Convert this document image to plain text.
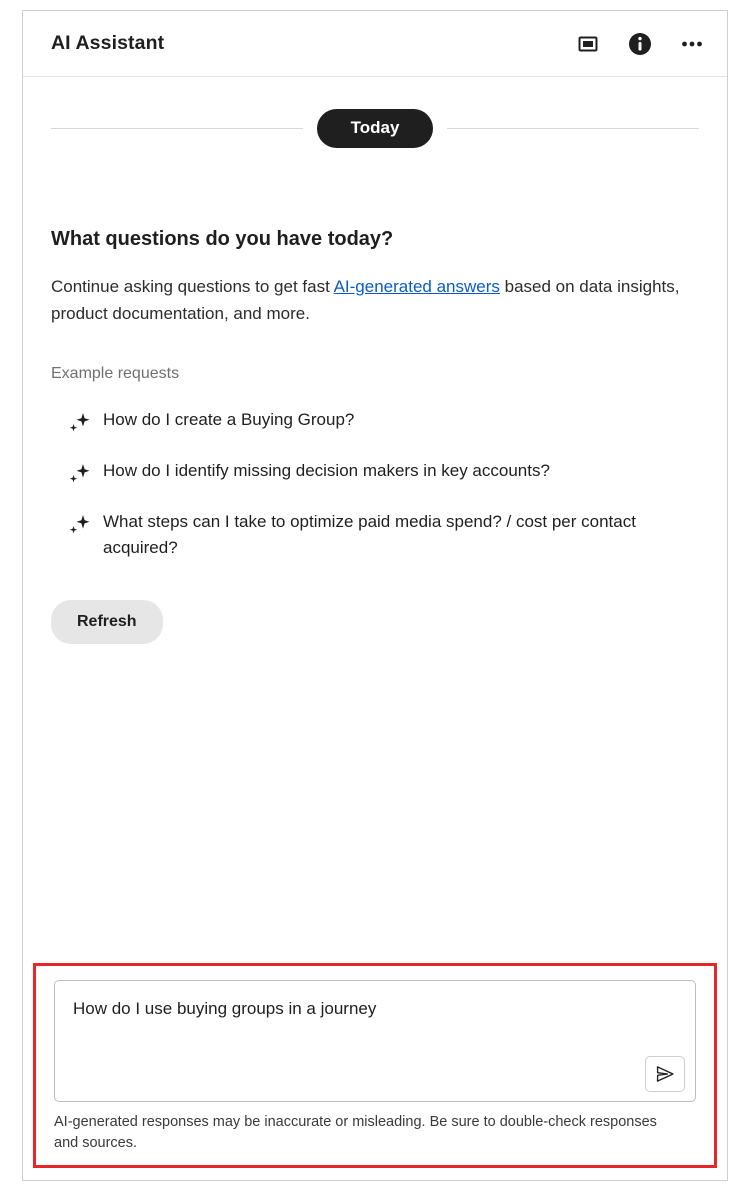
AI Assistant
Today
What questions do you have today?
Continue asking questions to get fast AI-generated answers based on data insights, product documentation, and more.
Example requests
How do I create a Buying Group?
How do I identify missing decision makers in key accounts?
What steps can I take to optimize paid media spend? / cost per contact acquired?
Refresh
How do I use buying groups in a journey
AI-generated responses may be inaccurate or misleading. Be sure to double-check responses and sources.
